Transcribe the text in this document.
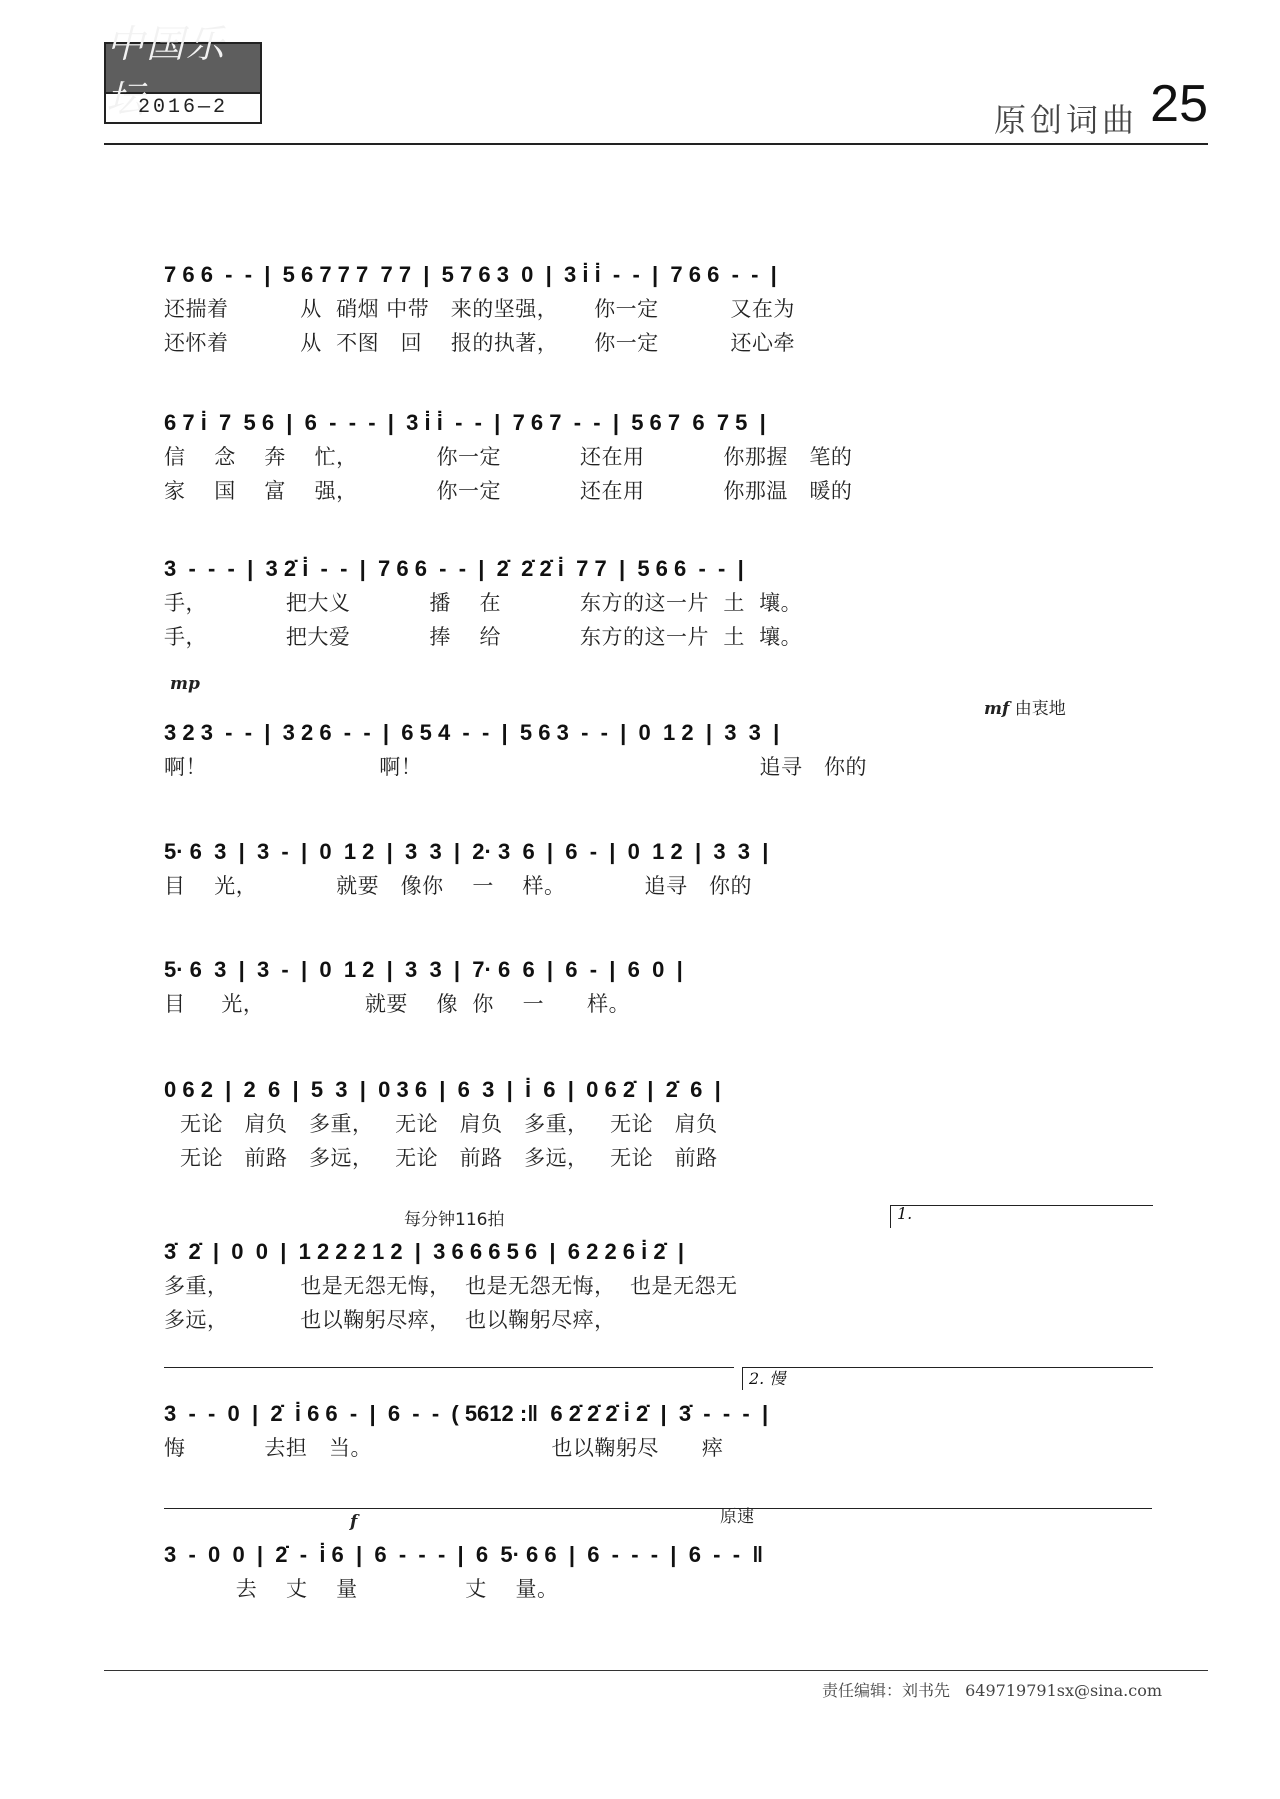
中国乐坛
2016—2	原创词曲 25
7 6 6  -  -  |  5 6 7 7 7  7 7  |  5 7 6 3  0  |  3 i̇ i̇  -  -  |  7 6 6  -  -  |
还揣着          从  硝烟 中带   来的坚强，     你一定          又在为
还怀着          从  不图   回    报的执著，     你一定          还心牵
6 7 i̇  7  5 6  |  6  -  -  -  |  3 i̇ i̇  -  -  |  7 6 7  -  -  |  5 6 7  6  7 5  |
信    念    奔    忙，           你一定           还在用           你那握   笔的
家    国    富    强，           你一定           还在用           你那温   暖的
3  -  -  -  |  3 2̇ i̇  -  -  |  7 6 6  -  -  |  2̇  2̇ 2̇ i̇  7 7  |  5 6 6  -  -  |
手，           把大义           播    在           东方的这一片  土  壤。
手，           把大爱           捧    给           东方的这一片  土  壤。
mp
mf 由衷地
3 2 3  -  -  |  3 2 6  -  -  |  6 5 4  -  -  |  5 6 3  -  -  |  0  1 2  |  3  3  |
啊！                        啊！                                               追寻   你的
5· 6  3  |  3  -  |  0  1 2  |  3  3  |  2· 3  6  |  6  -  |  0  1 2  |  3  3  |
目    光，           就要   像你    一    样。           追寻   你的
5· 6  3  |  3  -  |  0  1 2  |  3  3  |  7· 6  6  |  6  -  |  6  0  |
目     光，              就要    像  你    一      样。
0 6 2  |  2  6  |  5  3  |  0 3 6  |  6  3  |  i̇  6  |  0 6 2̇  |  2̇  6  |
无论   肩负   多重，   无论   肩负   多重，   无论   肩负
无论   前路   多远，   无论   前路   多远，   无论   前路
每分钟116拍	1.
3̇  2̇  |  0  0  |  1 2 2 2 1 2  |  3 6 6 6 5 6  |  6 2 2 6 i̇ 2̇  |
多重，          也是无怨无悔，  也是无怨无悔，  也是无怨无
多远，          也以鞠躬尽瘁，  也以鞠躬尽瘁，
2. 慢
3  -  -  0  |  2̇  i̇ 6 6  -  |  6  -  -  ( 5612 :‖  6 2̇ 2̇ 2̇ i̇ 2̇  |  3̇  -  -  -  |
悔           去担   当。                         也以鞠躬尽      瘁
f	原速
3  -  0  0  |  2̇  -  i̇ 6  |  6  -  -  -  |  6  5· 6 6  |  6  -  -  -  |  6  -  -  ‖
去    丈    量               丈    量。
责任编辑：刘书先 649719791sx@sina.com
